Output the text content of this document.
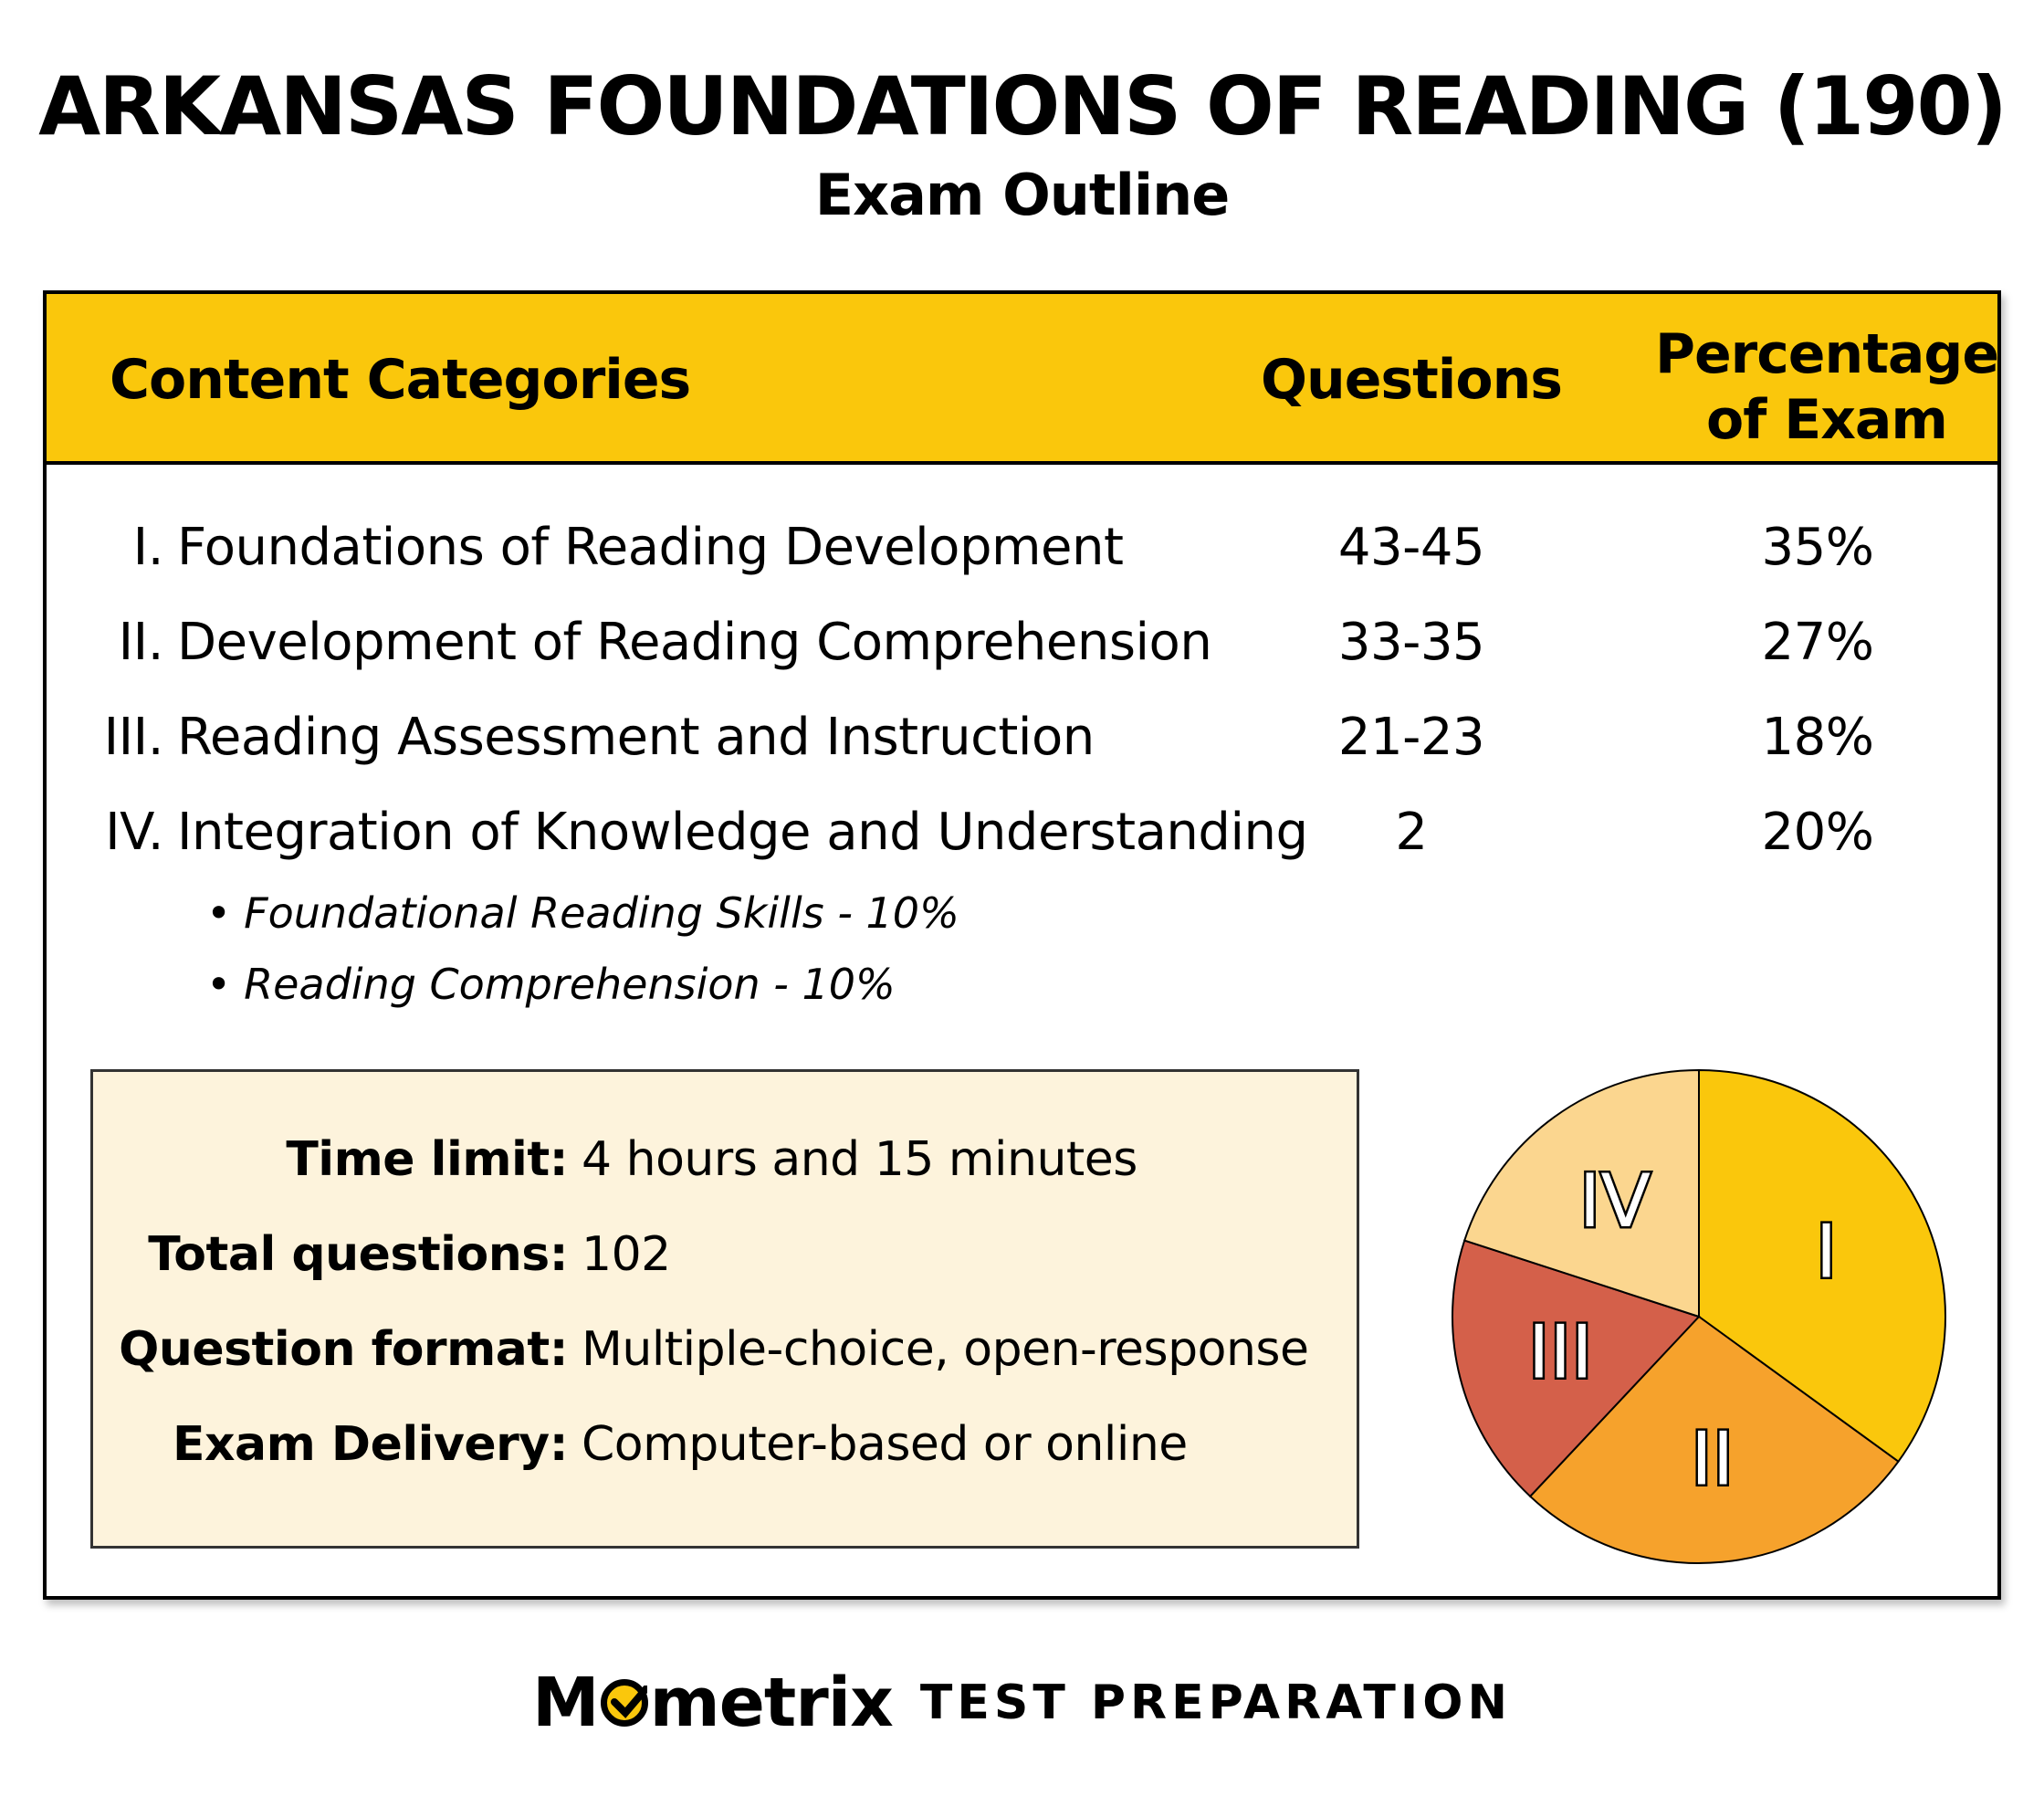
ARKANSAS FOUNDATIONS OF READING (190)
Exam Outline
Content Categories	Questions	Percentage
of Exam
I. Foundations of Reading Development	43-45	35%
II. Development of Reading Comprehension	33-35	27%
III. Reading Assessment and Instruction	21-23	18%
IV. Integration of Knowledge and Understanding	2	20%
• Foundational Reading Skills - 10%
• Reading Comprehension - 10%
Time limit: 4 hours and 15 minutes
Total questions: 102
Question format: Multiple-choice, open-response
Exam Delivery: Computer-based or online
I
II
III
IV
M metrix TEST PREPARATION
